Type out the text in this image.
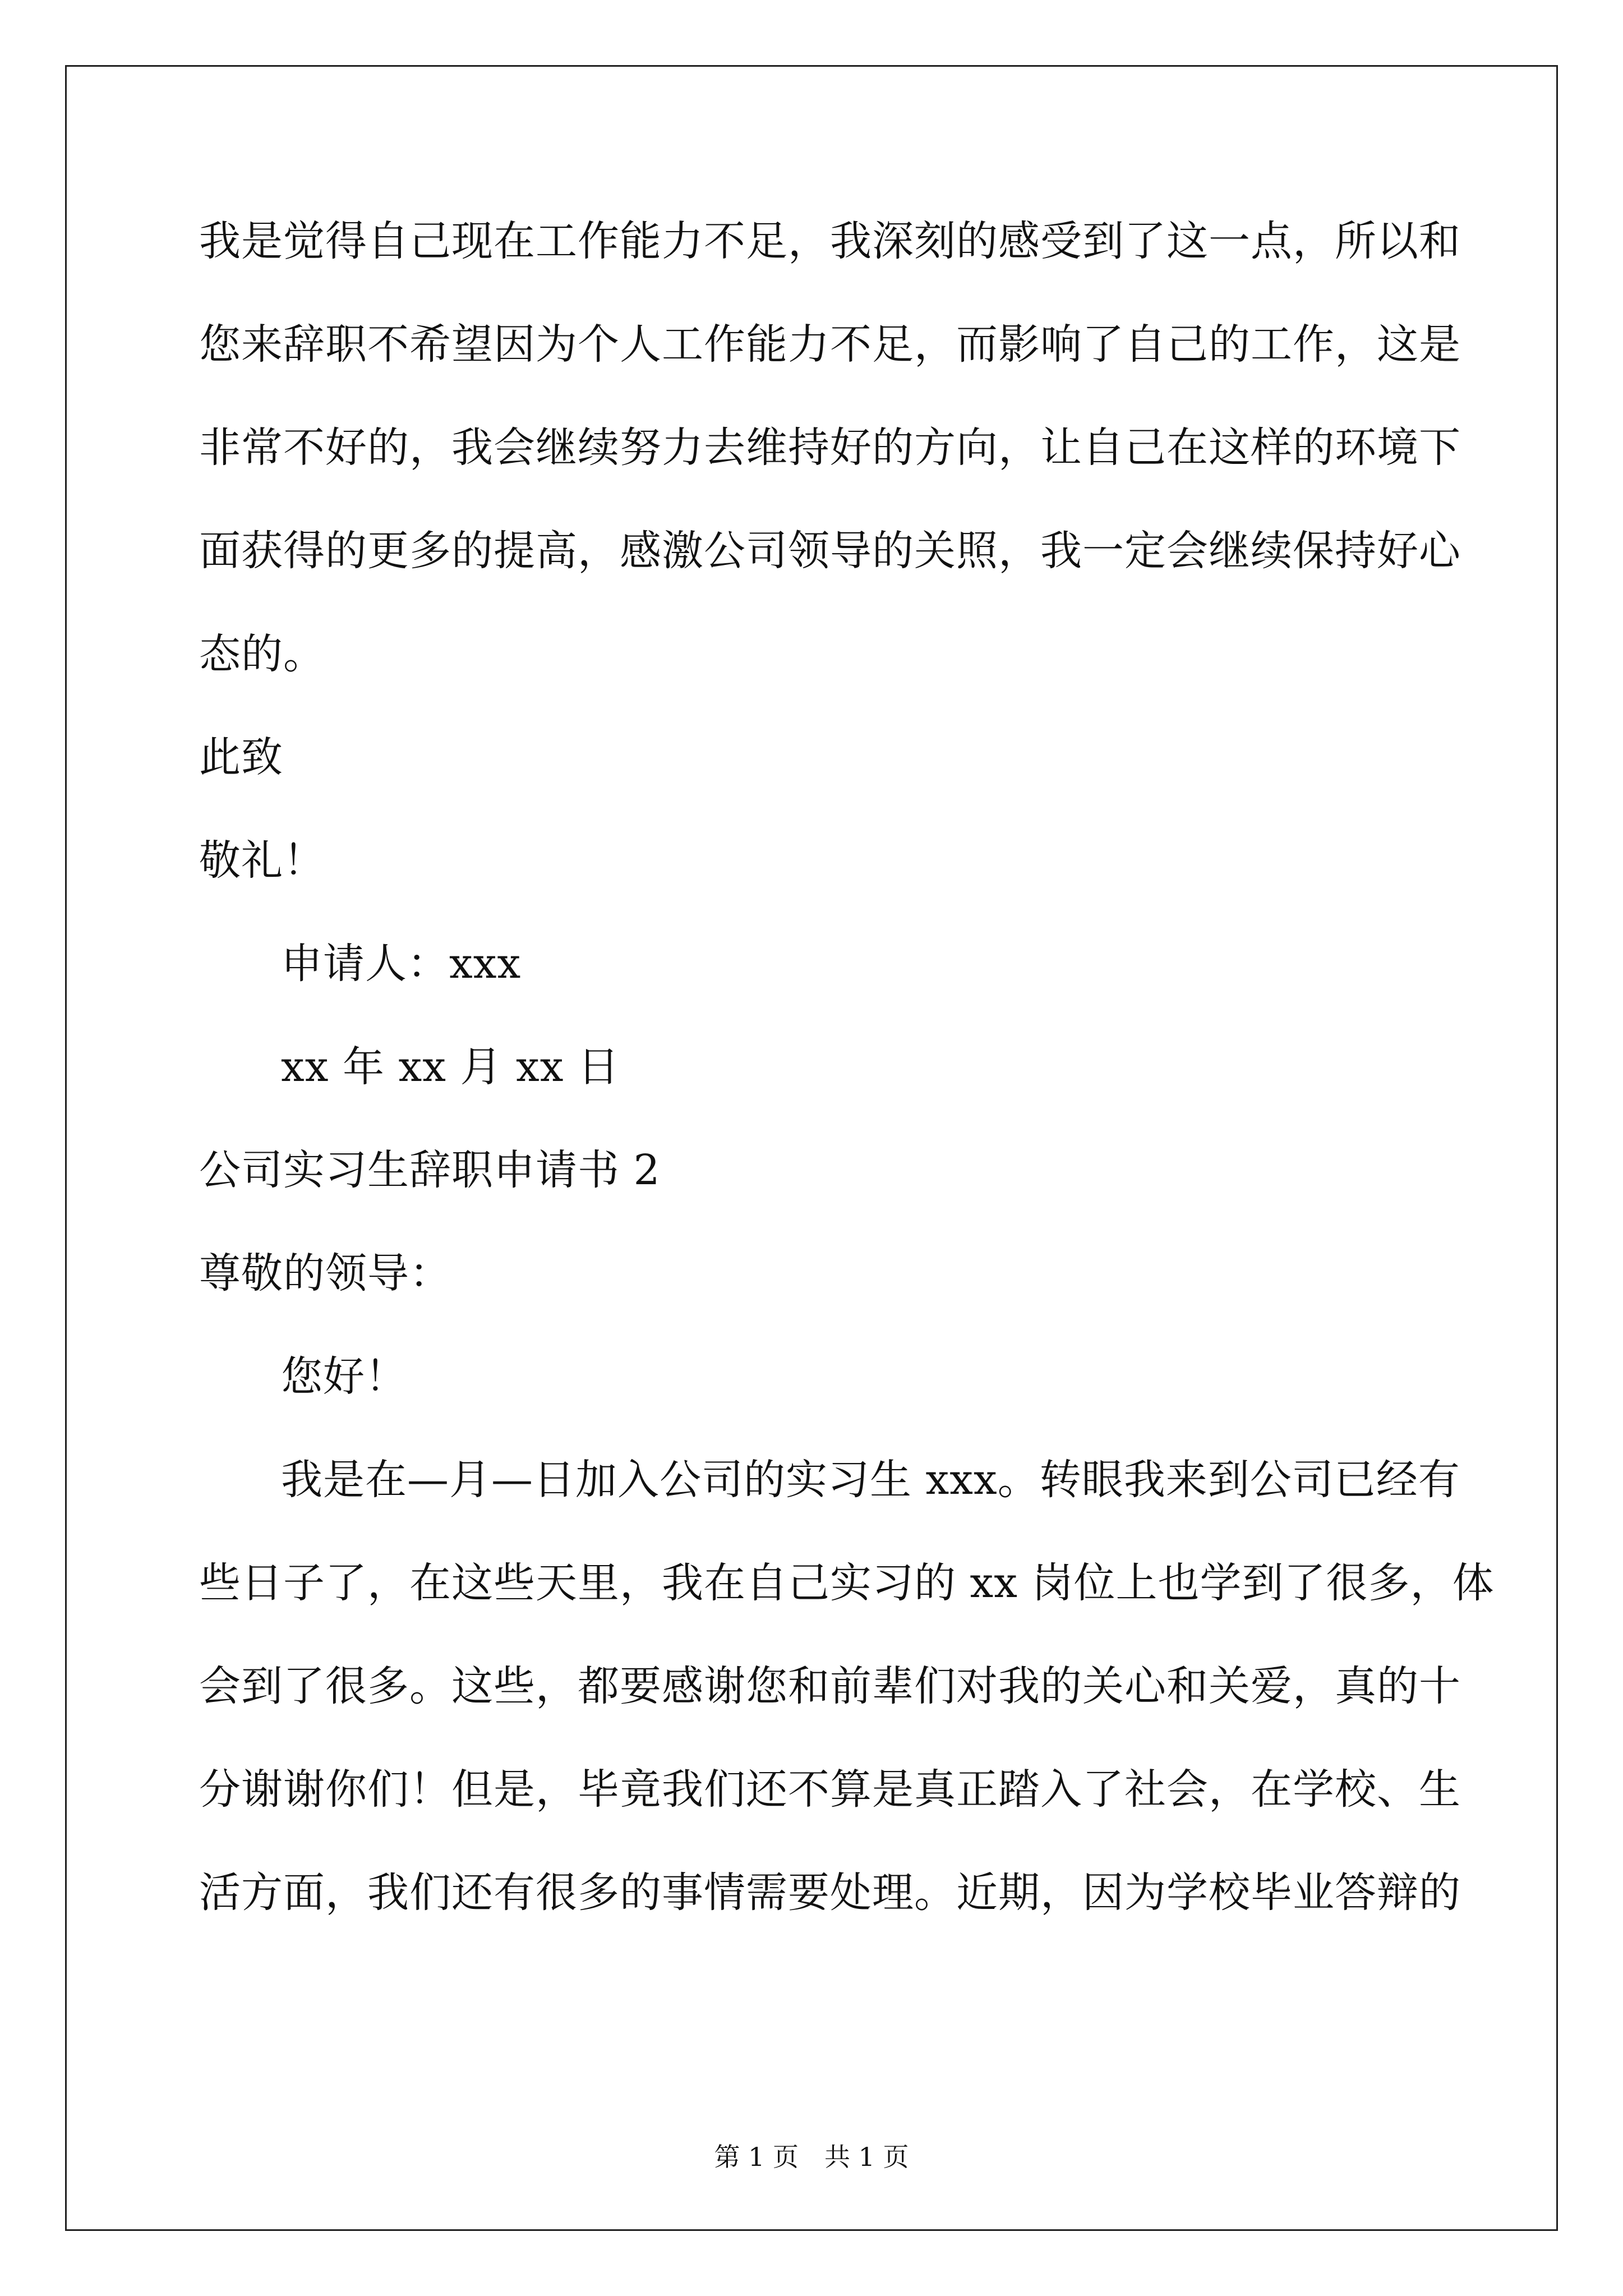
我是觉得自己现在工作能力不足，我深刻的感受到了这一点，所以和
您来辞职不希望因为个人工作能力不足，而影响了自己的工作，这是
非常不好的，我会继续努力去维持好的方向，让自己在这样的环境下
面获得的更多的提高，感激公司领导的关照，我一定会继续保持好心
态的。
此致
敬礼！
申请人：xxx
xx 年 xx 月 xx 日
公司实习生辞职申请书 2
尊敬的领导：
您好！
我是在—月—日加入公司的实习生 xxx。转眼我来到公司已经有
些日子了，在这些天里，我在自己实习的 xx 岗位上也学到了很多，体
会到了很多。这些，都要感谢您和前辈们对我的关心和关爱，真的十
分谢谢你们！但是，毕竟我们还不算是真正踏入了社会，在学校、生
活方面，我们还有很多的事情需要处理。近期，因为学校毕业答辩的
第 1 页　共 1 页
